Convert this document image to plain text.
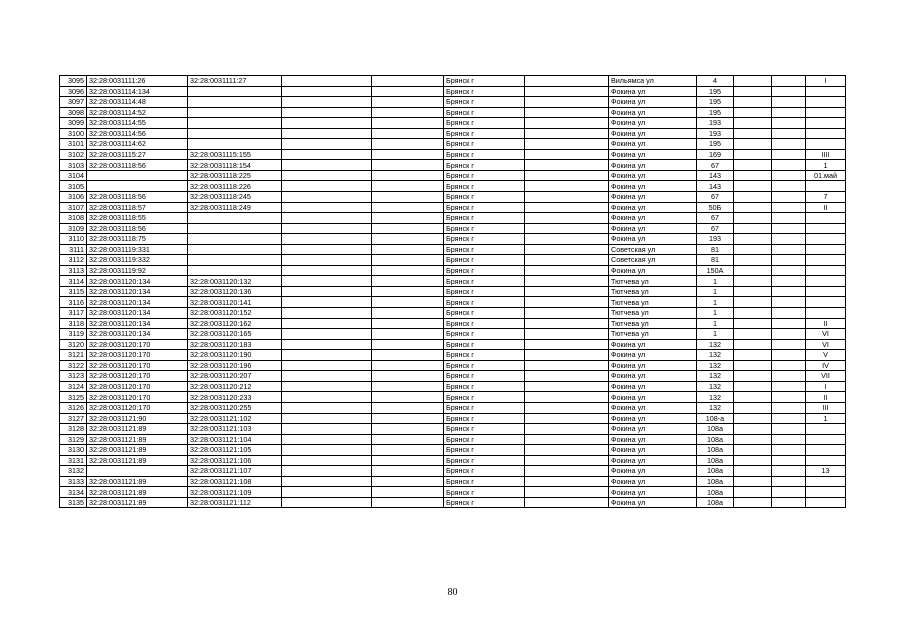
3095	32:28:0031111:26	32:28:0031111:27			Брянск г		Вильямса ул	4			I
3096	32:28:0031114:134				Брянск г		Фокина ул	195			
3097	32:28:0031114:48				Брянск г		Фокина ул	195			
3098	32:28:0031114:52				Брянск г		Фокина ул	195			
3099	32:28:0031114:55				Брянск г		Фокина ул	193			
3100	32:28:0031114:56				Брянск г		Фокина ул	193			
3101	32:28:0031114:62				Брянск г		Фокина ул	195			
3102	32:28:0031115:27	32:28:0031115:155			Брянск г		Фокина ул	169			IIII
3103	32:28:0031118:56	32:28:0031118:154			Брянск г		Фокина ул	67			1
3104		32:28:0031118:225			Брянск г		Фокина ул	143			01.май
3105		32:28:0031118:226			Брянск г		Фокина ул	143			
3106	32:28:0031118:56	32:28:0031118:245			Брянск г		Фокина ул	67			7
3107	32:28:0031118:57	32:28:0031118:249			Брянск г		Фокина ул	50Б			II
3108	32:28:0031118:55				Брянск г		Фокина ул	67			
3109	32:28:0031118:56				Брянск г		Фокина ул	67			
3110	32:28:0031118:75				Брянск г		Фокина ул	193			
3111	32:28:0031119:331				Брянск г		Советская ул	81			
3112	32:28:0031119:332				Брянск г		Советская ул	81			
3113	32:28:0031119:92				Брянск г		Фокина ул	150А			
3114	32:28:0031120:134	32:28:0031120:132			Брянск г		Тютчева ул	1			
3115	32:28:0031120:134	32:28:0031120:136			Брянск г		Тютчева ул	1			
3116	32:28:0031120:134	32:28:0031120:141			Брянск г		Тютчева ул	1			
3117	32:28:0031120:134	32:28:0031120:152			Брянск г		Тютчева ул	1			
3118	32:28:0031120:134	32:28:0031120:162			Брянск г		Тютчева ул	1			II
3119	32:28:0031120:134	32:28:0031120:165			Брянск г		Тютчева ул	1			VI
3120	32:28:0031120:170	32:28:0031120:183			Брянск г		Фокина ул	132			VI
3121	32:28:0031120:170	32:28:0031120:190			Брянск г		Фокина ул	132			V
3122	32:28:0031120:170	32:28:0031120:196			Брянск г		Фокина ул	132			IV
3123	32:28:0031120:170	32:28:0031120:207			Брянск г		Фокина ул	132			VII
3124	32:28:0031120:170	32:28:0031120:212			Брянск г		Фокина ул	132			I
3125	32:28:0031120:170	32:28:0031120:233			Брянск г		Фокина ул	132			II
3126	32:28:0031120:170	32:28:0031120:255			Брянск г		Фокина ул	132			III
3127	32:28:0031121:90	32:28:0031121:102			Брянск г		Фокина ул	108-а			1
3128	32:28:0031121:89	32:28:0031121:103			Брянск г		Фокина ул	108а			
3129	32:28:0031121:89	32:28:0031121:104			Брянск г		Фокина ул	108а			
3130	32:28:0031121:89	32:28:0031121:105			Брянск г		Фокина ул	108а			
3131	32:28:0031121:89	32:28:0031121:106			Брянск г		Фокина ул	108а			
3132		32:28:0031121:107			Брянск г		Фокина ул	108а			13
3133	32:28:0031121:89	32:28:0031121:108			Брянск г		Фокина ул	108а			
3134	32:28:0031121:89	32:28:0031121:109			Брянск г		Фокина ул	108а			
3135	32:28:0031121:89	32:28:0031121:112			Брянск г		Фокина ул	108а			
80
